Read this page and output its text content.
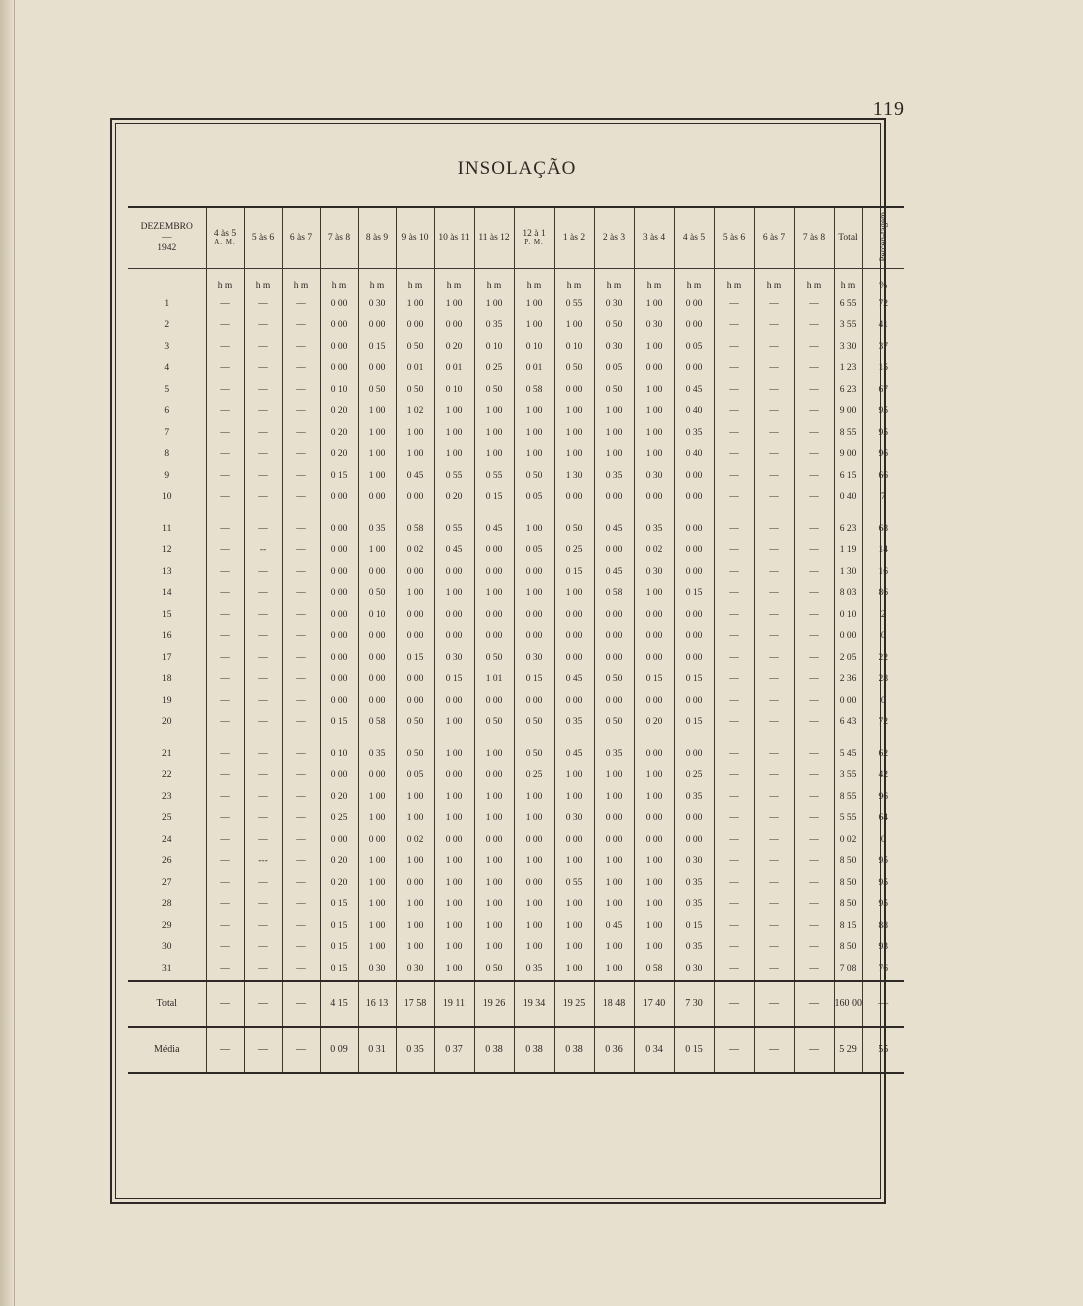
119
INSOLAÇÃO
DEZEMBRO
—
1942	4 às 5
A. M.	5 às 6	6 às 7	7 às 8	8 às 9	9 às 10	10 às 11	11 às 12	12 à 1
P. M.	1 às 2	2 às 3	3 às 4	4 às 5	5 às 6	6 às 7	7 às 8	Total	Percen-tagem
	h m	h m	h m	h m	h m	h m	h m	h m	h m	h m	h m	h m	h m	h m	h m	h m	h m	%
1	—	—	—	0 00	0 30	1 00	1 00	1 00	1 00	0 55	0 30	1 00	0 00	—	—	—	6 55	72
2	—	—	—	0 00	0 00	0 00	0 00	0 35	1 00	1 00	0 50	0 30	0 00	—	—	—	3 55	41
3	—	—	—	0 00	0 15	0 50	0 20	0 10	0 10	0 10	0 30	1 00	0 05	—	—	—	3 30	37
4	—	—	—	0 00	0 00	0 01	0 01	0 25	0 01	0 50	0 05	0 00	0 00	—	—	—	1 23	15
5	—	—	—	0 10	0 50	0 50	0 10	0 50	0 58	0 00	0 50	1 00	0 45	—	—	—	6 23	67
6	—	—	—	0 20	1 00	1 02	1 00	1 00	1 00	1 00	1 00	1 00	0 40	—	—	—	9 00	95
7	—	—	—	0 20	1 00	1 00	1 00	1 00	1 00	1 00	1 00	1 00	0 35	—	—	—	8 55	95
8	—	—	—	0 20	1 00	1 00	1 00	1 00	1 00	1 00	1 00	1 00	0 40	—	—	—	9 00	96
9	—	—	—	0 15	1 00	0 45	0 55	0 55	0 50	1 30	0 35	0 30	0 00	—	—	—	6 15	66
10	—	—	—	0 00	0 00	0 00	0 20	0 15	0 05	0 00	0 00	0 00	0 00	—	—	—	0 40	7

11	—	—	—	0 00	0 35	0 58	0 55	0 45	1 00	0 50	0 45	0 35	0 00	—	—	—	6 23	68
12	—	--	—	0 00	1 00	0 02	0 45	0 00	0 05	0 25	0 00	0 02	0 00	—	—	—	1 19	14
13	—	—	—	0 00	0 00	0 00	0 00	0 00	0 00	0 15	0 45	0 30	0 00	—	—	—	1 30	16
14	—	—	—	0 00	0 50	1 00	1 00	1 00	1 00	1 00	0 58	1 00	0 15	—	—	—	8 03	86
15	—	—	—	0 00	0 10	0 00	0 00	0 00	0 00	0 00	0 00	0 00	0 00	—	—	—	0 10	2
16	—	—	—	0 00	0 00	0 00	0 00	0 00	0 00	0 00	0 00	0 00	0 00	—	—	—	0 00	0
17	—	—	—	0 00	0 00	0 15	0 30	0 50	0 30	0 00	0 00	0 00	0 00	—	—	—	2 05	22
18	—	—	—	0 00	0 00	0 00	0 15	1 01	0 15	0 45	0 50	0 15	0 15	—	—	—	2 36	28
19	—	—	—	0 00	0 00	0 00	0 00	0 00	0 00	0 00	0 00	0 00	0 00	—	—	—	0 00	0
20	—	—	—	0 15	0 58	0 50	1 00	0 50	0 50	0 35	0 50	0 20	0 15	—	—	—	6 43	72

21	—	—	—	0 10	0 35	0 50	1 00	1 00	0 50	0 45	0 35	0 00	0 00	—	—	—	5 45	62
22	—	—	—	0 00	0 00	0 05	0 00	0 00	0 25	1 00	1 00	1 00	0 25	—	—	—	3 55	42
23	—	—	—	0 20	1 00	1 00	1 00	1 00	1 00	1 00	1 00	1 00	0 35	—	—	—	8 55	96
25	—	—	—	0 25	1 00	1 00	1 00	1 00	1 00	0 30	0 00	0 00	0 00	—	—	—	5 55	64
24	—	—	—	0 00	0 00	0 02	0 00	0 00	0 00	0 00	0 00	0 00	0 00	—	—	—	0 02	0
26	—	---	—	0 20	1 00	1 00	1 00	1 00	1 00	1 00	1 00	1 00	0 30	—	—	—	8 50	95
27	—	—	—	0 20	1 00	0 00	1 00	1 00	0 00	0 55	1 00	1 00	0 35	—	—	—	8 50	95
28	—	—	—	0 15	1 00	1 00	1 00	1 00	1 00	1 00	1 00	1 00	0 35	—	—	—	8 50	95
29	—	—	—	0 15	1 00	1 00	1 00	1 00	1 00	1 00	0 45	1 00	0 15	—	—	—	8 15	88
30	—	—	—	0 15	1 00	1 00	1 00	1 00	1 00	1 00	1 00	1 00	0 35	—	—	—	8 50	93
31	—	—	—	0 15	0 30	0 30	1 00	0 50	0 35	1 00	1 00	0 58	0 30	—	—	—	7 08	76
Total	—	—	—	4 15	16 13	17 58	19 11	19 26	19 34	19 25	18 48	17 40	7 30	—	—	—	160 00	—
Média	—	—	—	0 09	0 31	0 35	0 37	0 38	0 38	0 38	0 36	0 34	0 15	—	—	—	5 29	55
